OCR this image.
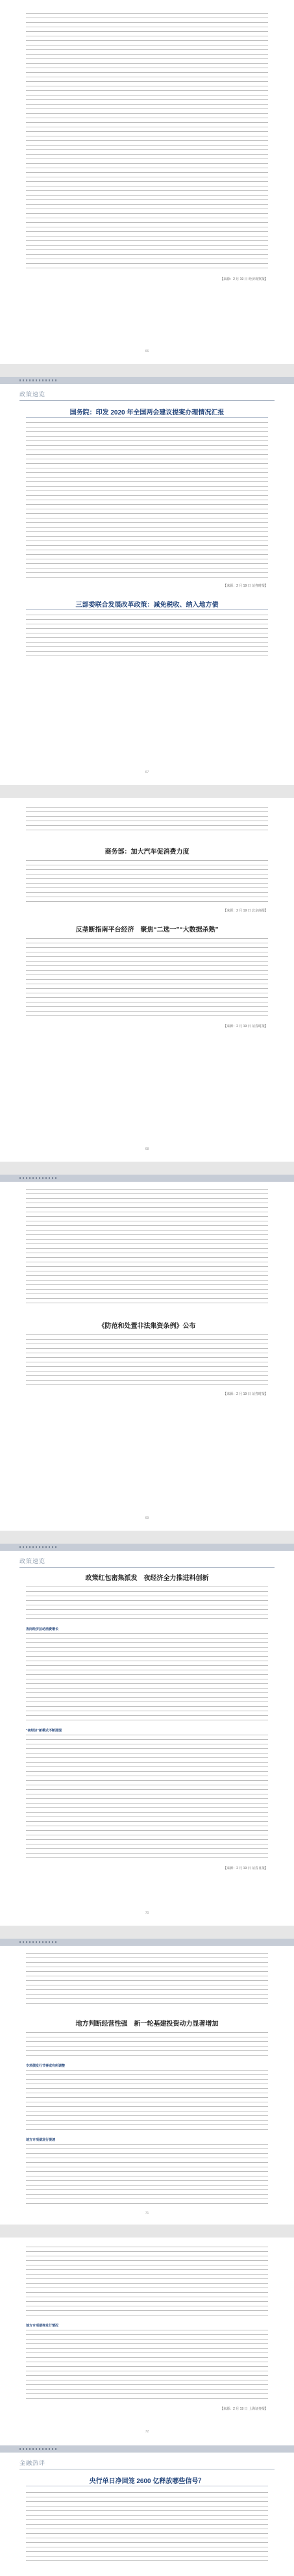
【来源：2 月 19 日 经济观察报】
66
政策速览
国务院：印发 2020 年全国两会建议提案办理情况汇报
【来源：2 月 19 日 证券时报】
三部委联合发展改革政策：减免税收、纳入地方债
67
商务部：加大汽车促消费力度
【来源：2 月 19 日 北京商报】
反垄断指南平台经济　聚焦“二选一”“大数据杀熟”
【来源：2 月 19 日 证券时报】
68
《防范和处置非法集资条例》公布
【来源：2 月 19 日 证券时报】
69
政策速览
政策红包密集派发　夜经济全力推进料创新
夜间经济拉动消费增长
“夜经济”新模式不断涌现
【来源：2 月 19 日 证券日报】
70
地方判断经营性强　新一轮基建投资动力显著增加
专项债发行节奏或有所调整
地方专项债发行提速
71
地方专项债券发行情况
【来源：2 月 19 日 上海证券报】
72
金融热评
央行单日净回笼 2600 亿释放哪些信号？
